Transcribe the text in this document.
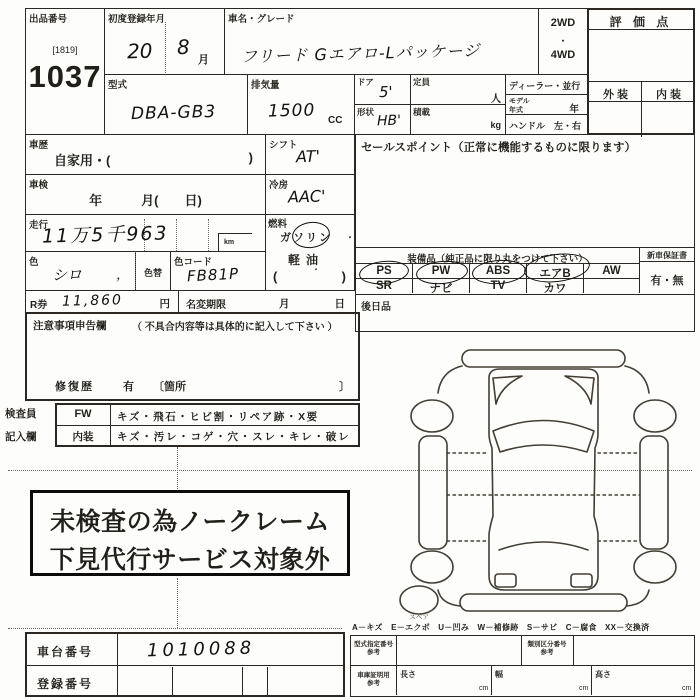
出品番号
[1819]
1037
初度登録年月
20 8
月
車名・グレード
フリード Gエアロ-Lパッケージ
2WD
・
4WD
型式
DBA-GB3
排気量
1500 CC
ドア
5'
定員
人
形状
HB'
積載
kg
ディーラー・並行
モデル
年式	年
ハンドル 左・右
評 価 点
外 装	内 装
車歴
自家用・(	)
シフト
AT'
車検
年　　　月(　　日)
冷房
AAC'
走行
km
11万5千963	燃料
ガソリン ・
軽油
・
(	)
色
シロ	，	色替
色コード
FB81P
R券 11,860	円 名変期限	月	日
注意事項申告欄	（ 不具合内容等は具体的に記入して下さい ）
修復歴	有 〔箇所	〕
検査員
記入欄
FW	キズ・飛石・ヒビ割・リペア跡・X要
内装	キズ・汚レ・コゲ・穴・スレ・キレ・破レ
セールスポイント（正常に機能するものに限ります）
装備品（純正品に限り丸をつけて下さい）	新車保証書
有・無
PS	PW	ABS	エアB	AW
SR	ナビ	TV	カワ
後日品
未検査の為ノークレーム
下見代行サービス対象外
スペア
車台番号	1010088
登録番号
A－キズ　E－エクボ　U－凹み　W－補修跡　S－サビ　C－腐食　XX－交換済
型式指定番号
参考
類別区分番号
参考
車庫証明用
参考
長さ
cm
幅
cm
高さ
cm
